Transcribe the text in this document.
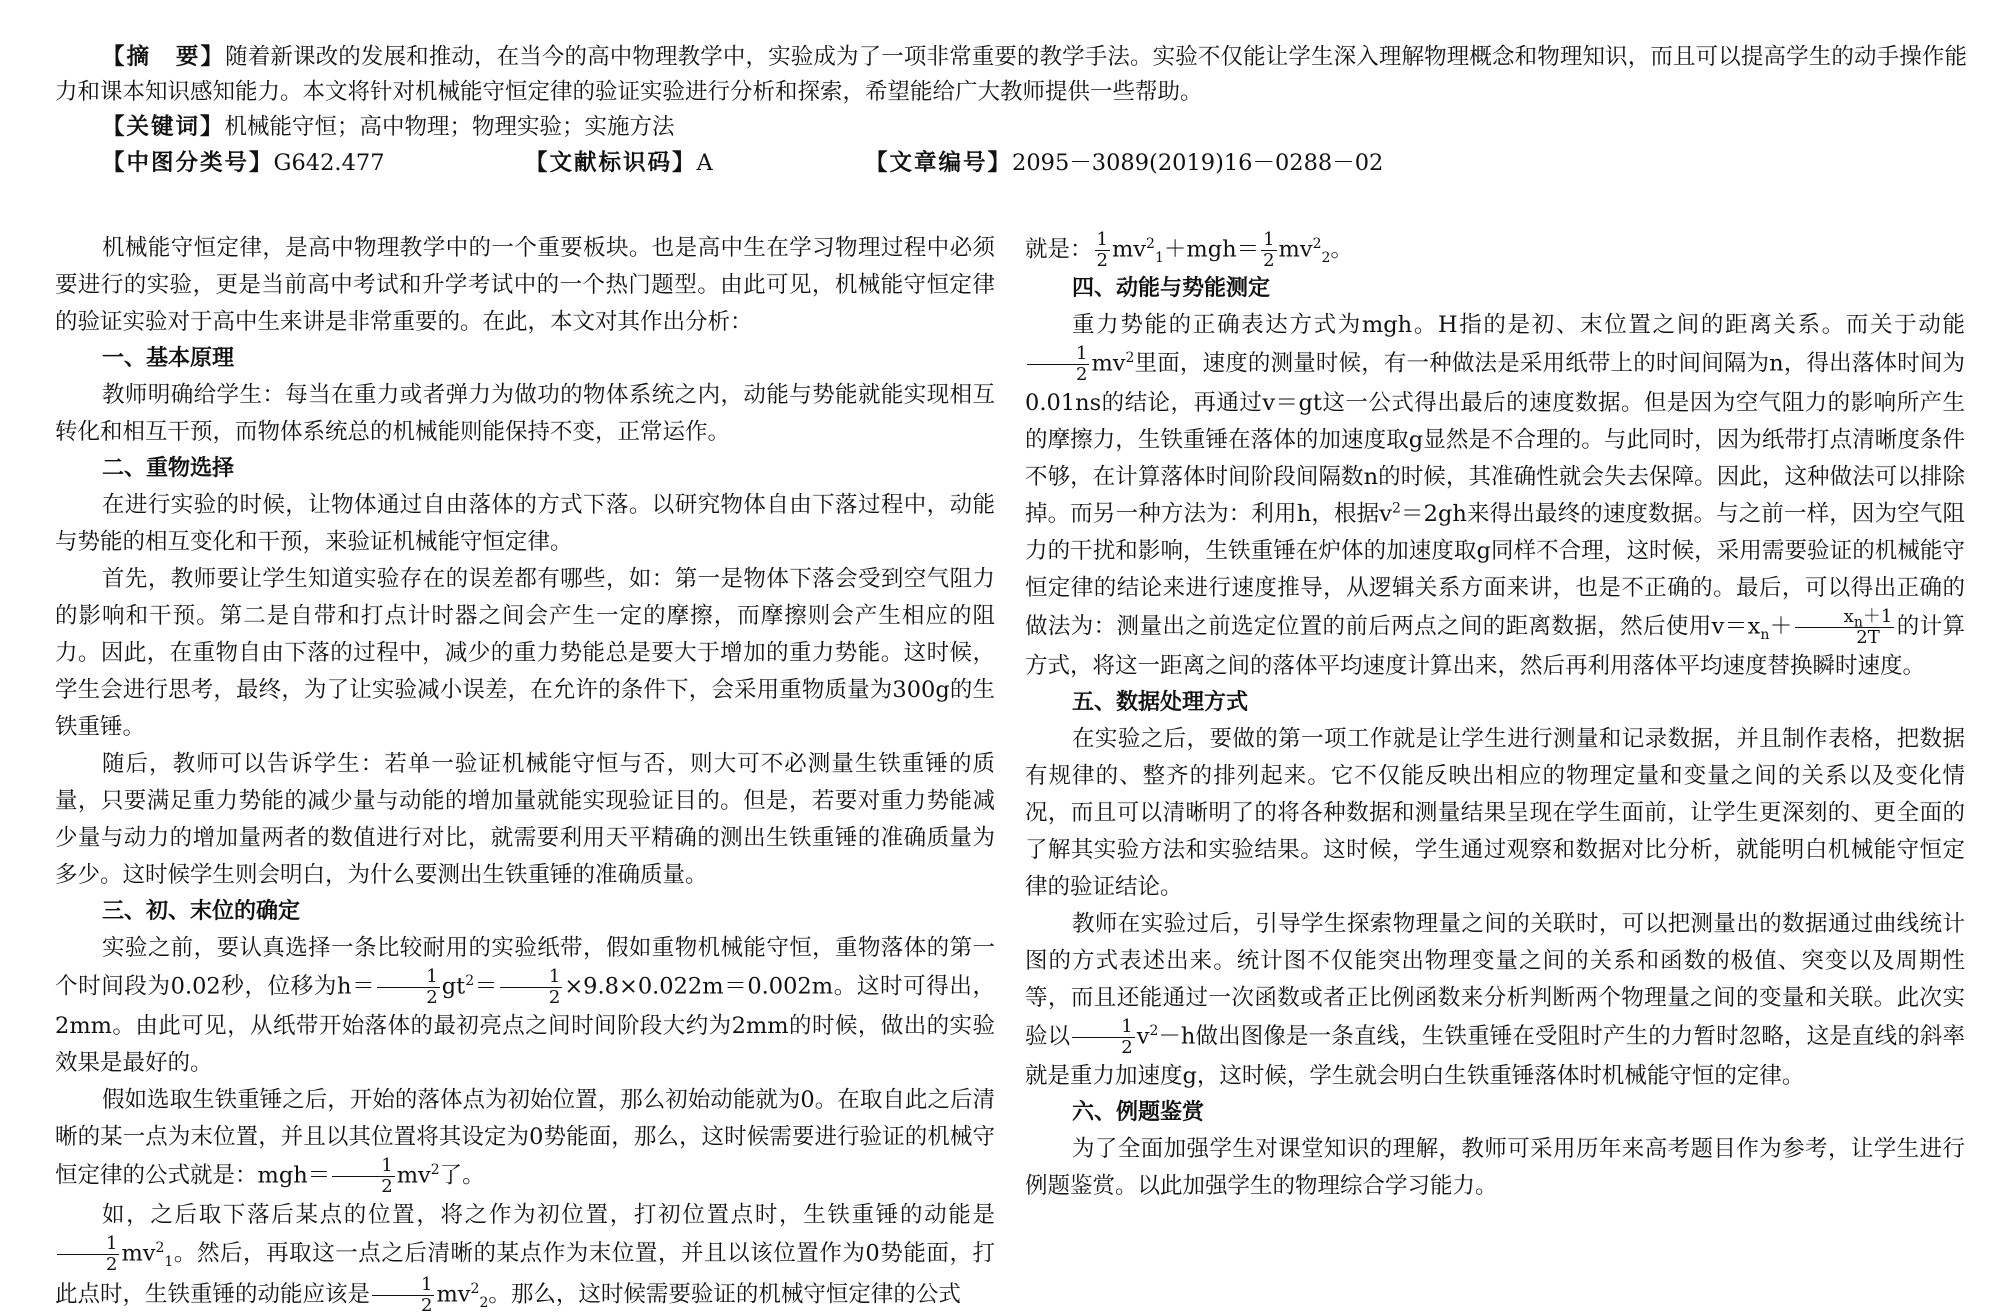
【摘　要】随着新课改的发展和推动，在当今的高中物理教学中，实验成为了一项非常重要的教学手法。实验不仅能让学生深入理解物理概念和物理知识，而且可以提高学生的动手操作能力和课本知识感知能力。本文将针对机械能守恒定律的验证实验进行分析和探索，希望能给广大教师提供一些帮助。

【关键词】机械能守恒；高中物理；物理实验；实施方法

【中图分类号】G642.477	【文献标识码】A	【文章编号】2095－3089(2019)16－0288－02

机械能守恒定律，是高中物理教学中的一个重要板块。也是高中生在学习物理过程中必须要进行的实验，更是当前高中考试和升学考试中的一个热门题型。由此可见，机械能守恒定律的验证实验对于高中生来讲是非常重要的。在此，本文对其作出分析：

一、基本原理

教师明确给学生：每当在重力或者弹力为做功的物体系统之内，动能与势能就能实现相互转化和相互干预，而物体系统总的机械能则能保持不变，正常运作。

二、重物选择

在进行实验的时候，让物体通过自由落体的方式下落。以研究物体自由下落过程中，动能与势能的相互变化和干预，来验证机械能守恒定律。

首先，教师要让学生知道实验存在的误差都有哪些，如：第一是物体下落会受到空气阻力的影响和干预。第二是自带和打点计时器之间会产生一定的摩擦，而摩擦则会产生相应的阻力。因此，在重物自由下落的过程中，减少的重力势能总是要大于增加的重力势能。这时候，学生会进行思考，最终，为了让实验减小误差，在允许的条件下，会采用重物质量为300g的生铁重锤。

随后，教师可以告诉学生：若单一验证机械能守恒与否，则大可不必测量生铁重锤的质量，只要满足重力势能的减少量与动能的增加量就能实现验证目的。但是，若要对重力势能减少量与动力的增加量两者的数值进行对比，就需要利用天平精确的测出生铁重锤的准确质量为多少。这时候学生则会明白，为什么要测出生铁重锤的准确质量。

三、初、末位的确定

实验之前，要认真选择一条比较耐用的实验纸带，假如重物机械能守恒，重物落体的第一个时间段为0.02秒，位移为$h= \frac{1}{2} gt^2= \frac{1}{2} \times 9.8\times 0.022m=0.002m$。这时可得出，2mm。由此可见，从纸带开始落体的最初亮点之间时间阶段大约为2mm的时候，做出的实验效果是最好的。

假如选取生铁重锤之后，开始的落体点为初始位置，那么初始动能就为0。在取自此之后清晰的某一点为末位置，并且以其位置将其设定为0势能面，那么，这时候需要进行验证的机械守恒定律的公式就是：$mgh= \frac{1}{2} mv^2$了。

如，之后取下落后某点的位置，将之作为初位置，打初位置点时，生铁重锤的动能是
$\frac{1}{2} mv^2_1$。然后，再取这一点之后清晰的某点作为末位置，并且以该位置作为0势能面，打此点时，生铁重锤的动能应该是 $\frac{1}{2} mv^2_2$。那么，这时候需要验证的机械守恒定律的公式

就是： $\frac{1}{2} mv^2_1+mgh= \frac{1}{2} mv^2_2$。

四、动能与势能测定

重力势能的正确表达方式为mgh。H指的是初、末位置之间的距离关系。而关于动能
$\frac{1}{2} mv^2$里面，速度的测量时候，有一种做法是采用纸带上的时间间隔为n，得出落体时间为0.01ns的结论，再通过v＝gt这一公式得出最后的速度数据。但是因为空气阻力的影响所产生的摩擦力，生铁重锤在落体的加速度取g显然是不合理的。与此同时，因为纸带打点清晰度条件不够，在计算落体时间阶段间隔数n的时候，其准确性就会失去保障。因此，这种做法可以排除掉。而另一种方法为：利用h，根据$v^2=2gh$来得出最终的速度数据。与之前一样，因为空气阻力的干扰和影响，生铁重锤在炉体的加速度取g同样不合理，这时候，采用需要验证的机械能守恒定律的结论来进行速度推导，从逻辑关系方面来讲，也是不正确的。最后，可以得出正确的做法为：测量出之前选定位置的前后两点之间的距离数据，然后使用$v=x_n+ \frac{x_n+1}{2T}$ 的计算方式，将这一距离之间的落体平均速度计算出来，然后再利用落体平均速度替换瞬时速度。

五、数据处理方式

在实验之后，要做的第一项工作就是让学生进行测量和记录数据，并且制作表格，把数据有规律的、整齐的排列起来。它不仅能反映出相应的物理定量和变量之间的关系以及变化情况，而且可以清晰明了的将各种数据和测量结果呈现在学生面前，让学生更深刻的、更全面的了解其实验方法和实验结果。这时候，学生通过观察和数据对比分析，就能明白机械能守恒定律的验证结论。

教师在实验过后，引导学生探索物理量之间的关联时，可以把测量出的数据通过曲线统计图的方式表述出来。统计图不仅能突出物理变量之间的关系和函数的极值、突变以及周期性等，而且还能通过一次函数或者正比例函数来分析判断两个物理量之间的变量和关联。此次实验以 $\frac{1}{2} v^2-h$做出图像是一条直线，生铁重锤在受阻时产生的力暂时忽略，这是直线的斜率就是重力加速度g，这时候，学生就会明白生铁重锤落体时机械能守恒的定律。

六、例题鉴赏

为了全面加强学生对课堂知识的理解，教师可采用历年来高考题目作为参考，让学生进行例题鉴赏。以此加强学生的物理综合学习能力。
